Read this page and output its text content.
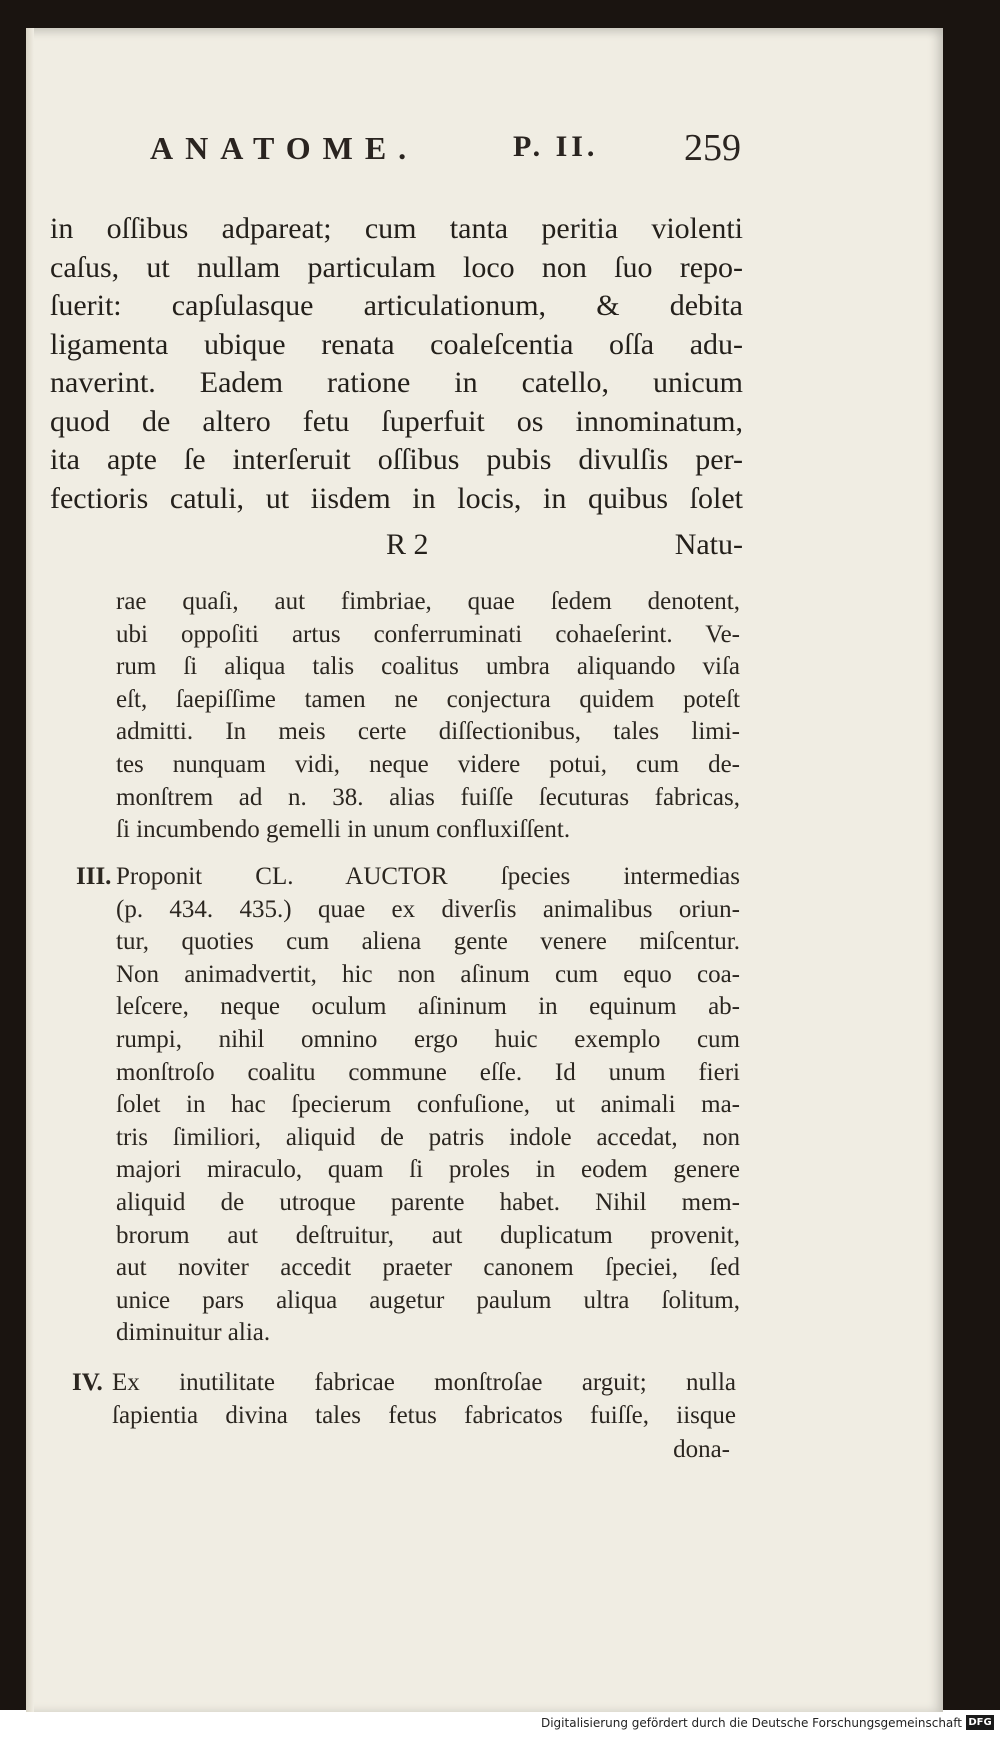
ANATOME.	P. II. 259
in oſſibus adpareat; cum tanta peritia violenti
caſus, ut nullam particulam loco non ſuo repo-
ſuerit: capſulasque articulationum, & debita
ligamenta ubique renata coaleſcentia oſſa adu-
naverint. Eadem ratione in catello, unicum
quod de altero fetu ſuperfuit os innominatum,
ita apte ſe interſeruit oſſibus pubis divulſis per-
fectioris catuli, ut iisdem in locis, in quibus ſolet
R 2	Natu-
rae quaſi, aut fimbriae, quae ſedem denotent,
ubi oppoſiti artus conferruminati cohaeſerint. Ve-
rum ſi aliqua talis coalitus umbra aliquando viſa
eſt, ſaepiſſime tamen ne conjectura quidem poteſt
admitti. In meis certe diſſectionibus, tales limi-
tes nunquam vidi, neque videre potui, cum de-
monſtrem ad n. 38. alias fuiſſe ſecuturas fabricas,
ſi incumbendo gemelli in unum confluxiſſent.
III. Proponit CL. AUCTOR ſpecies intermedias
(p. 434. 435.) quae ex diverſis animalibus oriun-
tur, quoties cum aliena gente venere miſcentur.
Non animadvertit, hic non aſinum cum equo coa-
leſcere, neque oculum aſininum in equinum ab-
rumpi, nihil omnino ergo huic exemplo cum
monſtroſo coalitu commune eſſe. Id unum fieri
ſolet in hac ſpecierum confuſione, ut animali ma-
tris ſimiliori, aliquid de patris indole accedat, non
majori miraculo, quam ſi proles in eodem genere
aliquid de utroque parente habet. Nihil mem-
brorum aut deſtruitur, aut duplicatum provenit,
aut noviter accedit praeter canonem ſpeciei, ſed
unice pars aliqua augetur paulum ultra ſolitum,
diminuitur alia.
IV. Ex inutilitate fabricae monſtroſae arguit; nulla
ſapientia divina tales fetus fabricatos fuiſſe, iisque
dona-
Digitalisierung gefördert durch die Deutsche Forschungsgemeinschaft DFG
